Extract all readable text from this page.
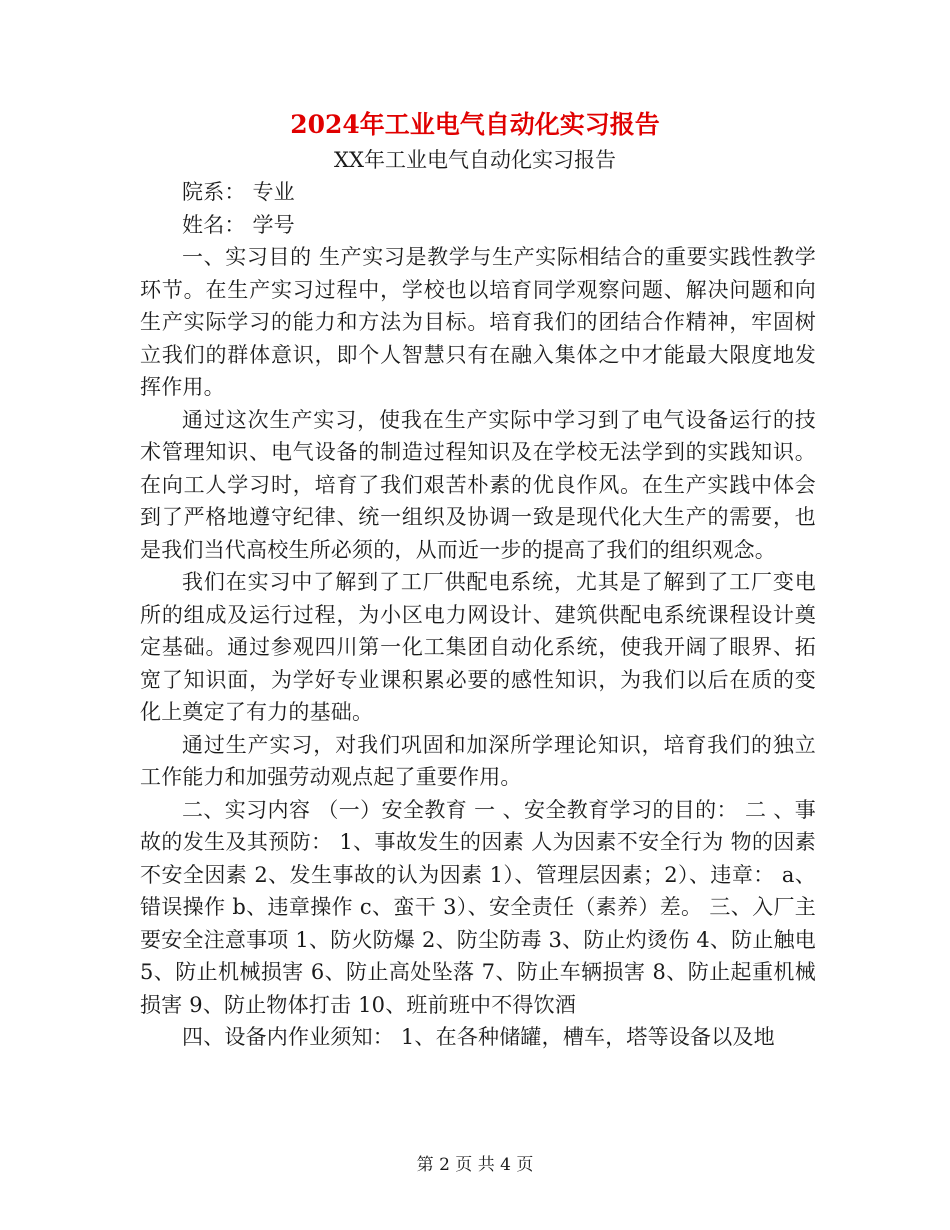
2024年工业电气自动化实习报告
XX年工业电气自动化实习报告

院系： 专业

姓名： 学号

一、实习目的 生产实习是教学与生产实际相结合的重要实践性教学环节。在生产实习过程中，学校也以培育同学观察问题、解决问题和向生产实际学习的能力和方法为目标。培育我们的团结合作精神，牢固树立我们的群体意识，即个人智慧只有在融入集体之中才能最大限度地发挥作用。

通过这次生产实习，使我在生产实际中学习到了电气设备运行的技术管理知识、电气设备的制造过程知识及在学校无法学到的实践知识。在向工人学习时，培育了我们艰苦朴素的优良作风。在生产实践中体会到了严格地遵守纪律、统一组织及协调一致是现代化大生产的需要，也是我们当代高校生所必须的，从而近一步的提高了我们的组织观念。

我们在实习中了解到了工厂供配电系统，尤其是了解到了工厂变电所的组成及运行过程，为小区电力网设计、建筑供配电系统课程设计奠定基础。通过参观四川第一化工集团自动化系统，使我开阔了眼界、拓宽了知识面，为学好专业课积累必要的感性知识，为我们以后在质的变化上奠定了有力的基础。

通过生产实习，对我们巩固和加深所学理论知识，培育我们的独立工作能力和加强劳动观点起了重要作用。

二、实习内容 （一）安全教育 一 、安全教育学习的目的： 二 、事故的发生及其预防： 1、事故发生的因素 人为因素不安全行为 物的因素不安全因素 2、发生事故的认为因素 1）、管理层因素；2）、违章： a、错误操作 b、违章操作 c、蛮干 3）、安全责任（素养）差。 三、入厂主要安全注意事项 1、防火防爆 2、防尘防毒 3、防止灼烫伤 4、防止触电 5、防止机械损害 6、防止高处坠落 7、防止车辆损害 8、防止起重机械损害 9、防止物体打击 10、班前班中不得饮酒

四、设备内作业须知： 1、在各种储罐，槽车，塔等设备以及地

第 2 页 共 4 页
